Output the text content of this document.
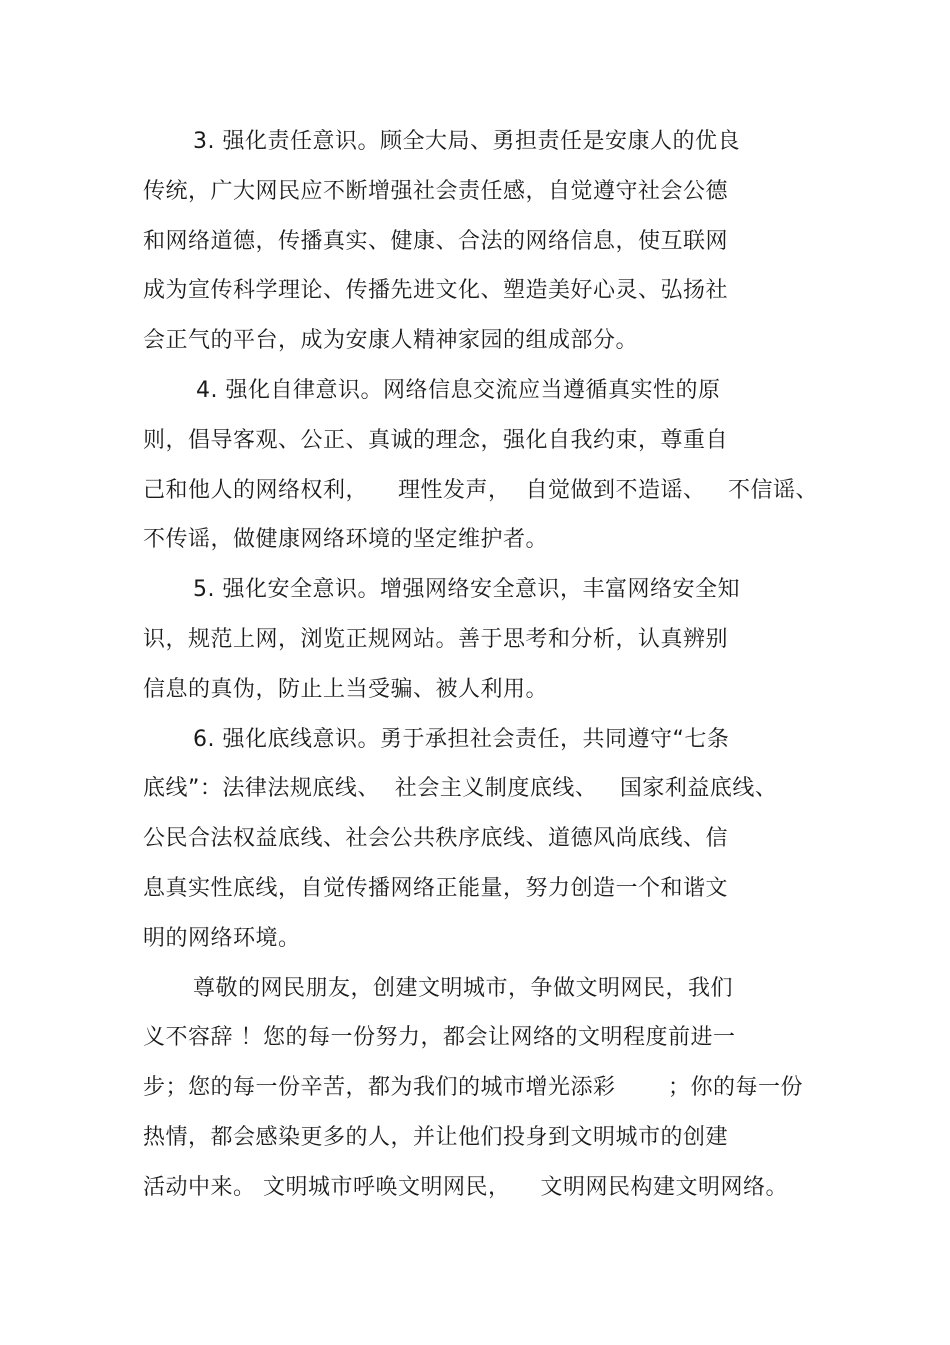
3. 强化责任意识。顾全大局、勇担责任是安康人的优良
传统，广大网民应不断增强社会责任感，自觉遵守社会公德
和网络道德，传播真实、健康、合法的网络信息，使互联网
成为宣传科学理论、传播先进文化、塑造美好心灵、弘扬社
会正气的平台，成为安康人精神家园的组成部分。
4. 强化自律意识。网络信息交流应当遵循真实性的原
则，倡导客观、公正、真诚的理念，强化自我约束，尊重自
己和他人的网络权利，    理性发声，  自觉做到不造谣、   不信谣、
不传谣，做健康网络环境的坚定维护者。
5. 强化安全意识。增强网络安全意识，丰富网络安全知
识，规范上网，浏览正规网站。善于思考和分析，认真辨别
信息的真伪，防止上当受骗、被人利用。
6. 强化底线意识。勇于承担社会责任，共同遵守“七条
底线”：法律法规底线、  社会主义制度底线、   国家利益底线、
公民合法权益底线、社会公共秩序底线、道德风尚底线、信
息真实性底线，自觉传播网络正能量，努力创造一个和谐文
明的网络环境。
尊敬的网民朋友，创建文明城市，争做文明网民，我们
义不容辞 ！您的每一份努力，都会让网络的文明程度前进一
步；您的每一份辛苦，都为我们的城市增光添彩       ；你的每一份
热情，都会感染更多的人，并让他们投身到文明城市的创建
活动中来。 文明城市呼唤文明网民，    文明网民构建文明网络。
